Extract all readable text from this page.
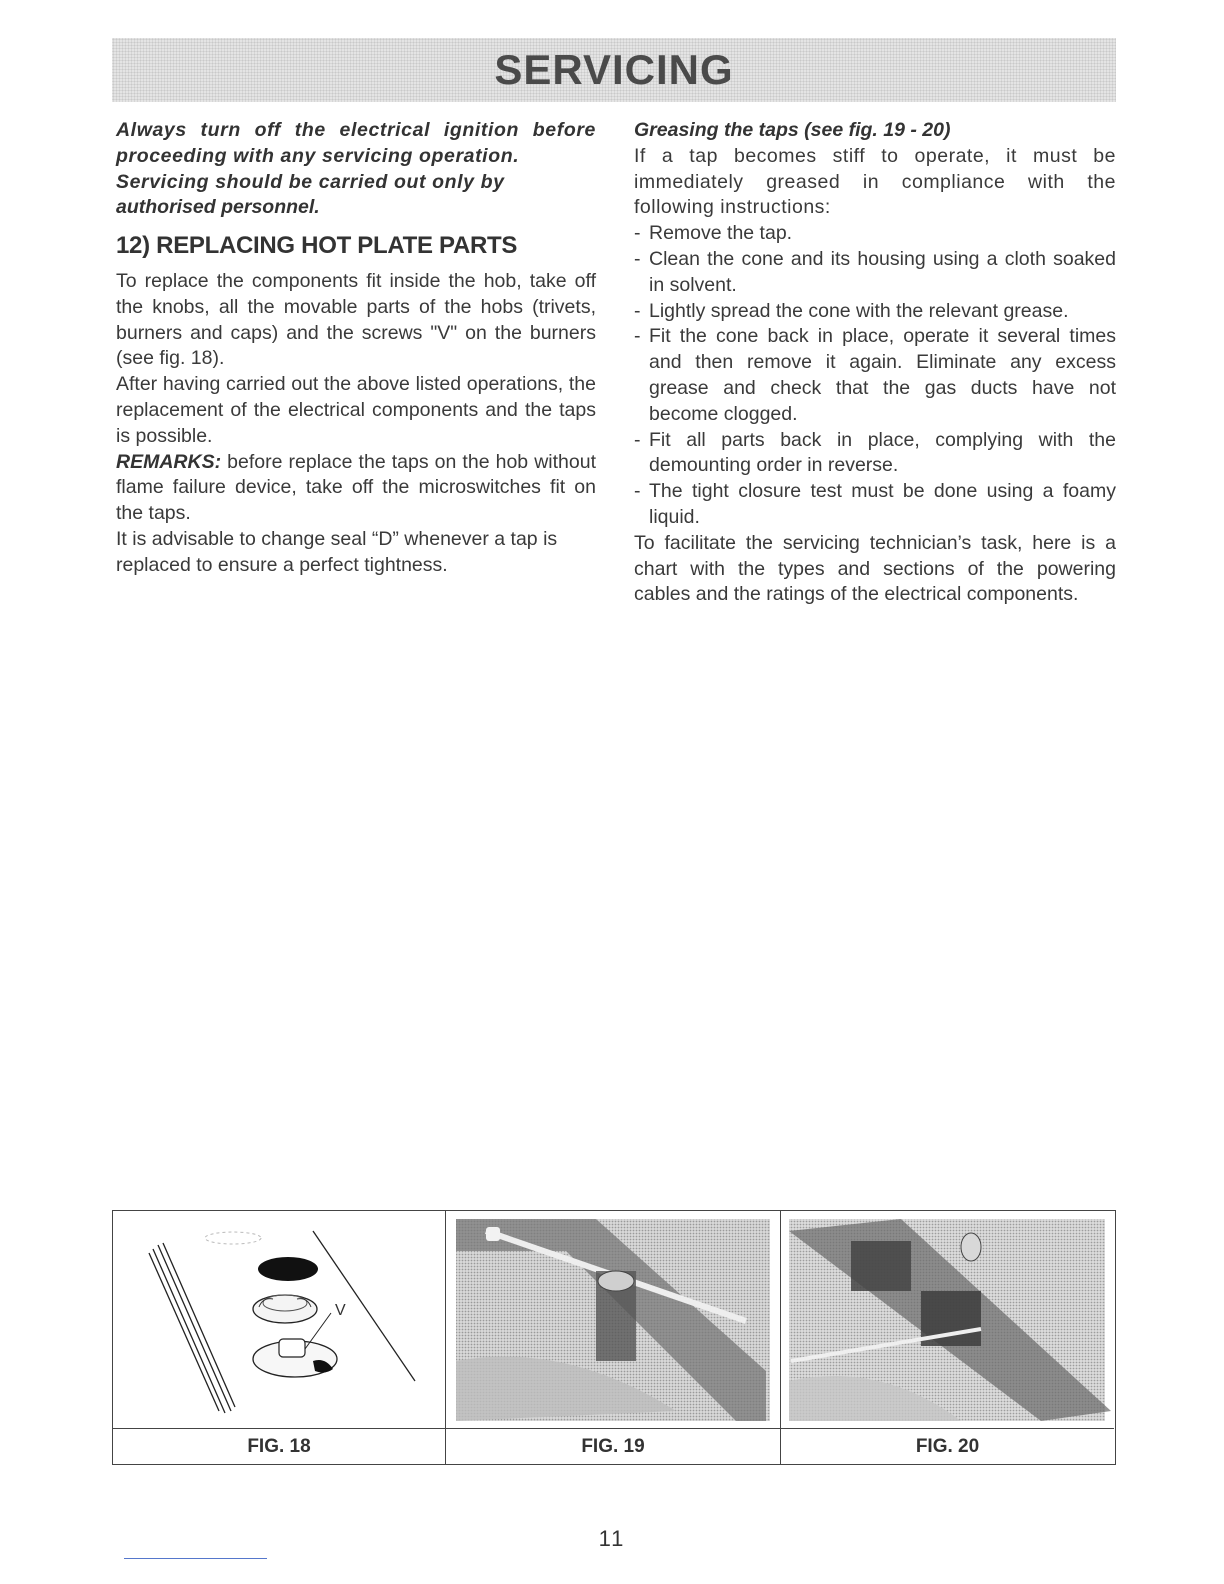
SERVICING

Always turn off the electrical ignition before proceeding with any servicing operation.

Servicing should be carried out only by

authorised personnel.

12) REPLACING HOT PLATE PARTS

To replace the components fit inside the hob, take off the knobs, all the movable parts of the hobs (trivets, burners and caps) and the screws "V" on the burners (see fig. 18).

After having carried out the above listed operations, the replacement of the electrical components and the taps is possible.

REMARKS: before replace the taps on the hob without flame failure device, take off the microswitches fit on the taps.

It is advisable to change seal “D” whenever a tap is replaced to ensure a perfect tightness.

Greasing the taps (see fig. 19 - 20)

If a tap becomes stiff to operate, it must be immediately greased in compliance with the following instructions:

- Remove the tap.
- Clean the cone and its housing using a cloth soaked in solvent.
- Lightly spread the cone with the relevant grease.
- Fit the cone back in place, operate it several times and then remove it again. Eliminate any excess grease and check that the gas ducts have not become clogged.
- Fit all parts back in place, complying with the demounting order in reverse.
- The tight closure test must be done using a foamy liquid.

To facilitate the servicing technician’s task, here is a chart with the types and sections of the powering cables and the ratings of the electrical components.

V
FIG. 18	FIG. 19	FIG. 20
11
